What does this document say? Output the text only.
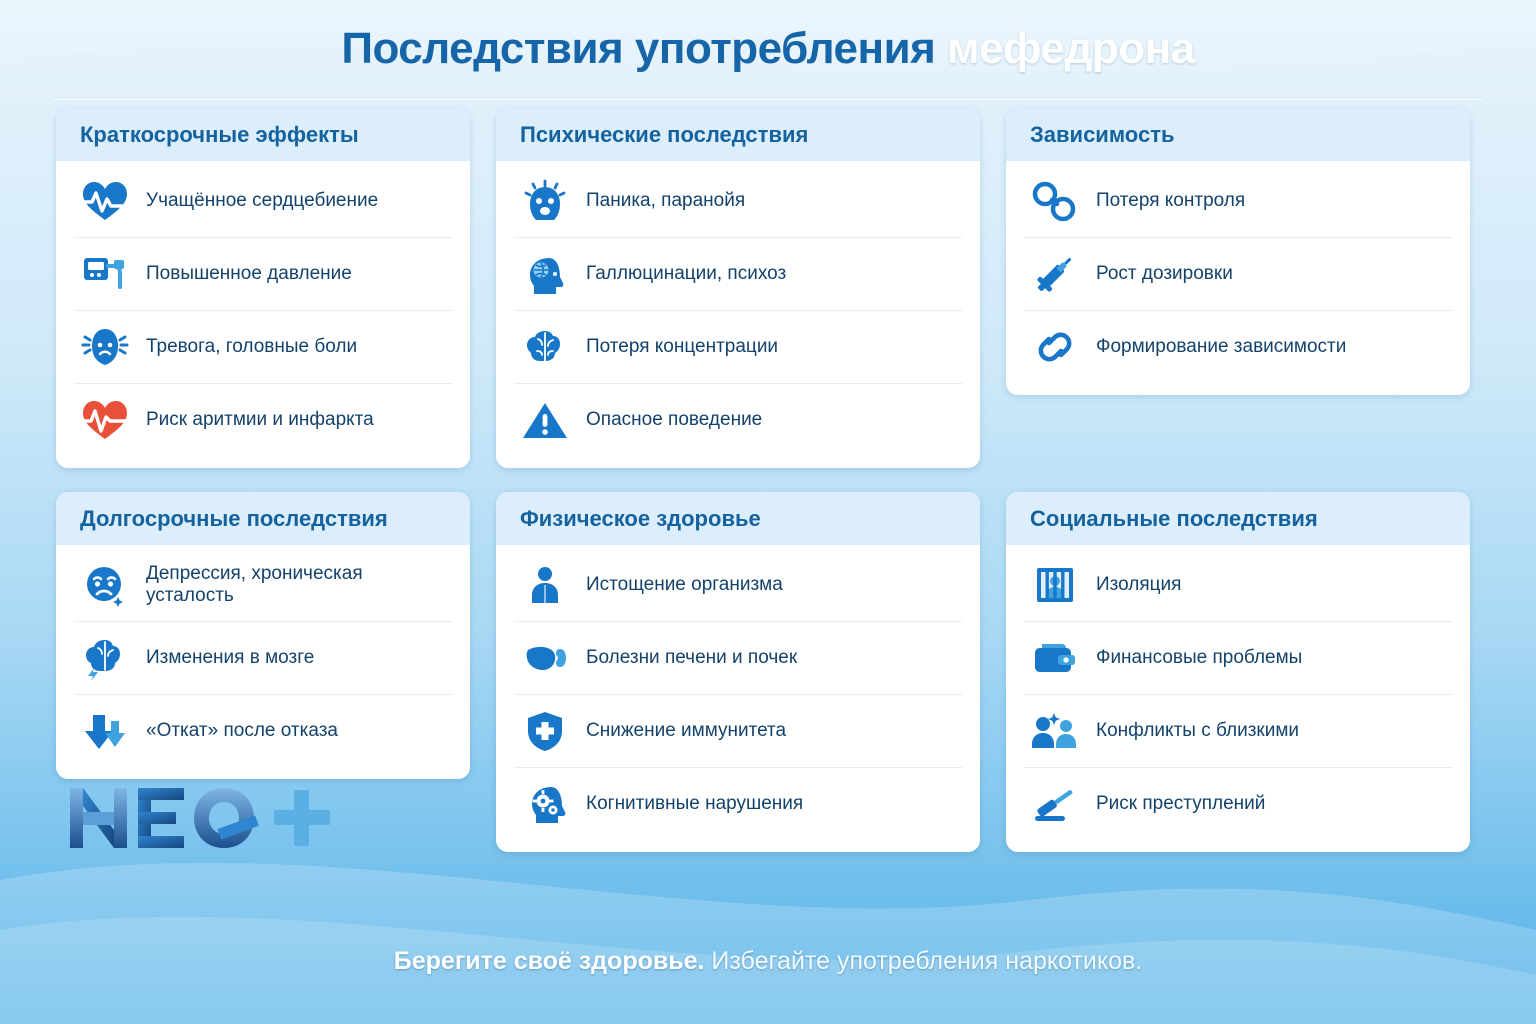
Последствия употребления мефедрона
Краткосрочные эффекты
Учащённое сердцебиение
Повышенное давление
Тревога, головные боли
Риск аритмии и инфаркта
Психические последствия
Паника, паранойя
Галлюцинации, психоз
Потеря концентрации
Опасное поведение
Зависимость
Потеря контроля
Рост дозировки
Формирование зависимости
Долгосрочные последствия
Депрессия, хроническая усталость
Изменения в мозге
«Откат» после отказа
Физическое здоровье
Истощение организма
Болезни печени и почек
Снижение иммунитета
Когнитивные нарушения
Социальные последствия
Изоляция
Финансовые проблемы
Конфликты с близкими
Риск преступлений
Берегите своё здоровье. Избегайте употребления наркотиков.
